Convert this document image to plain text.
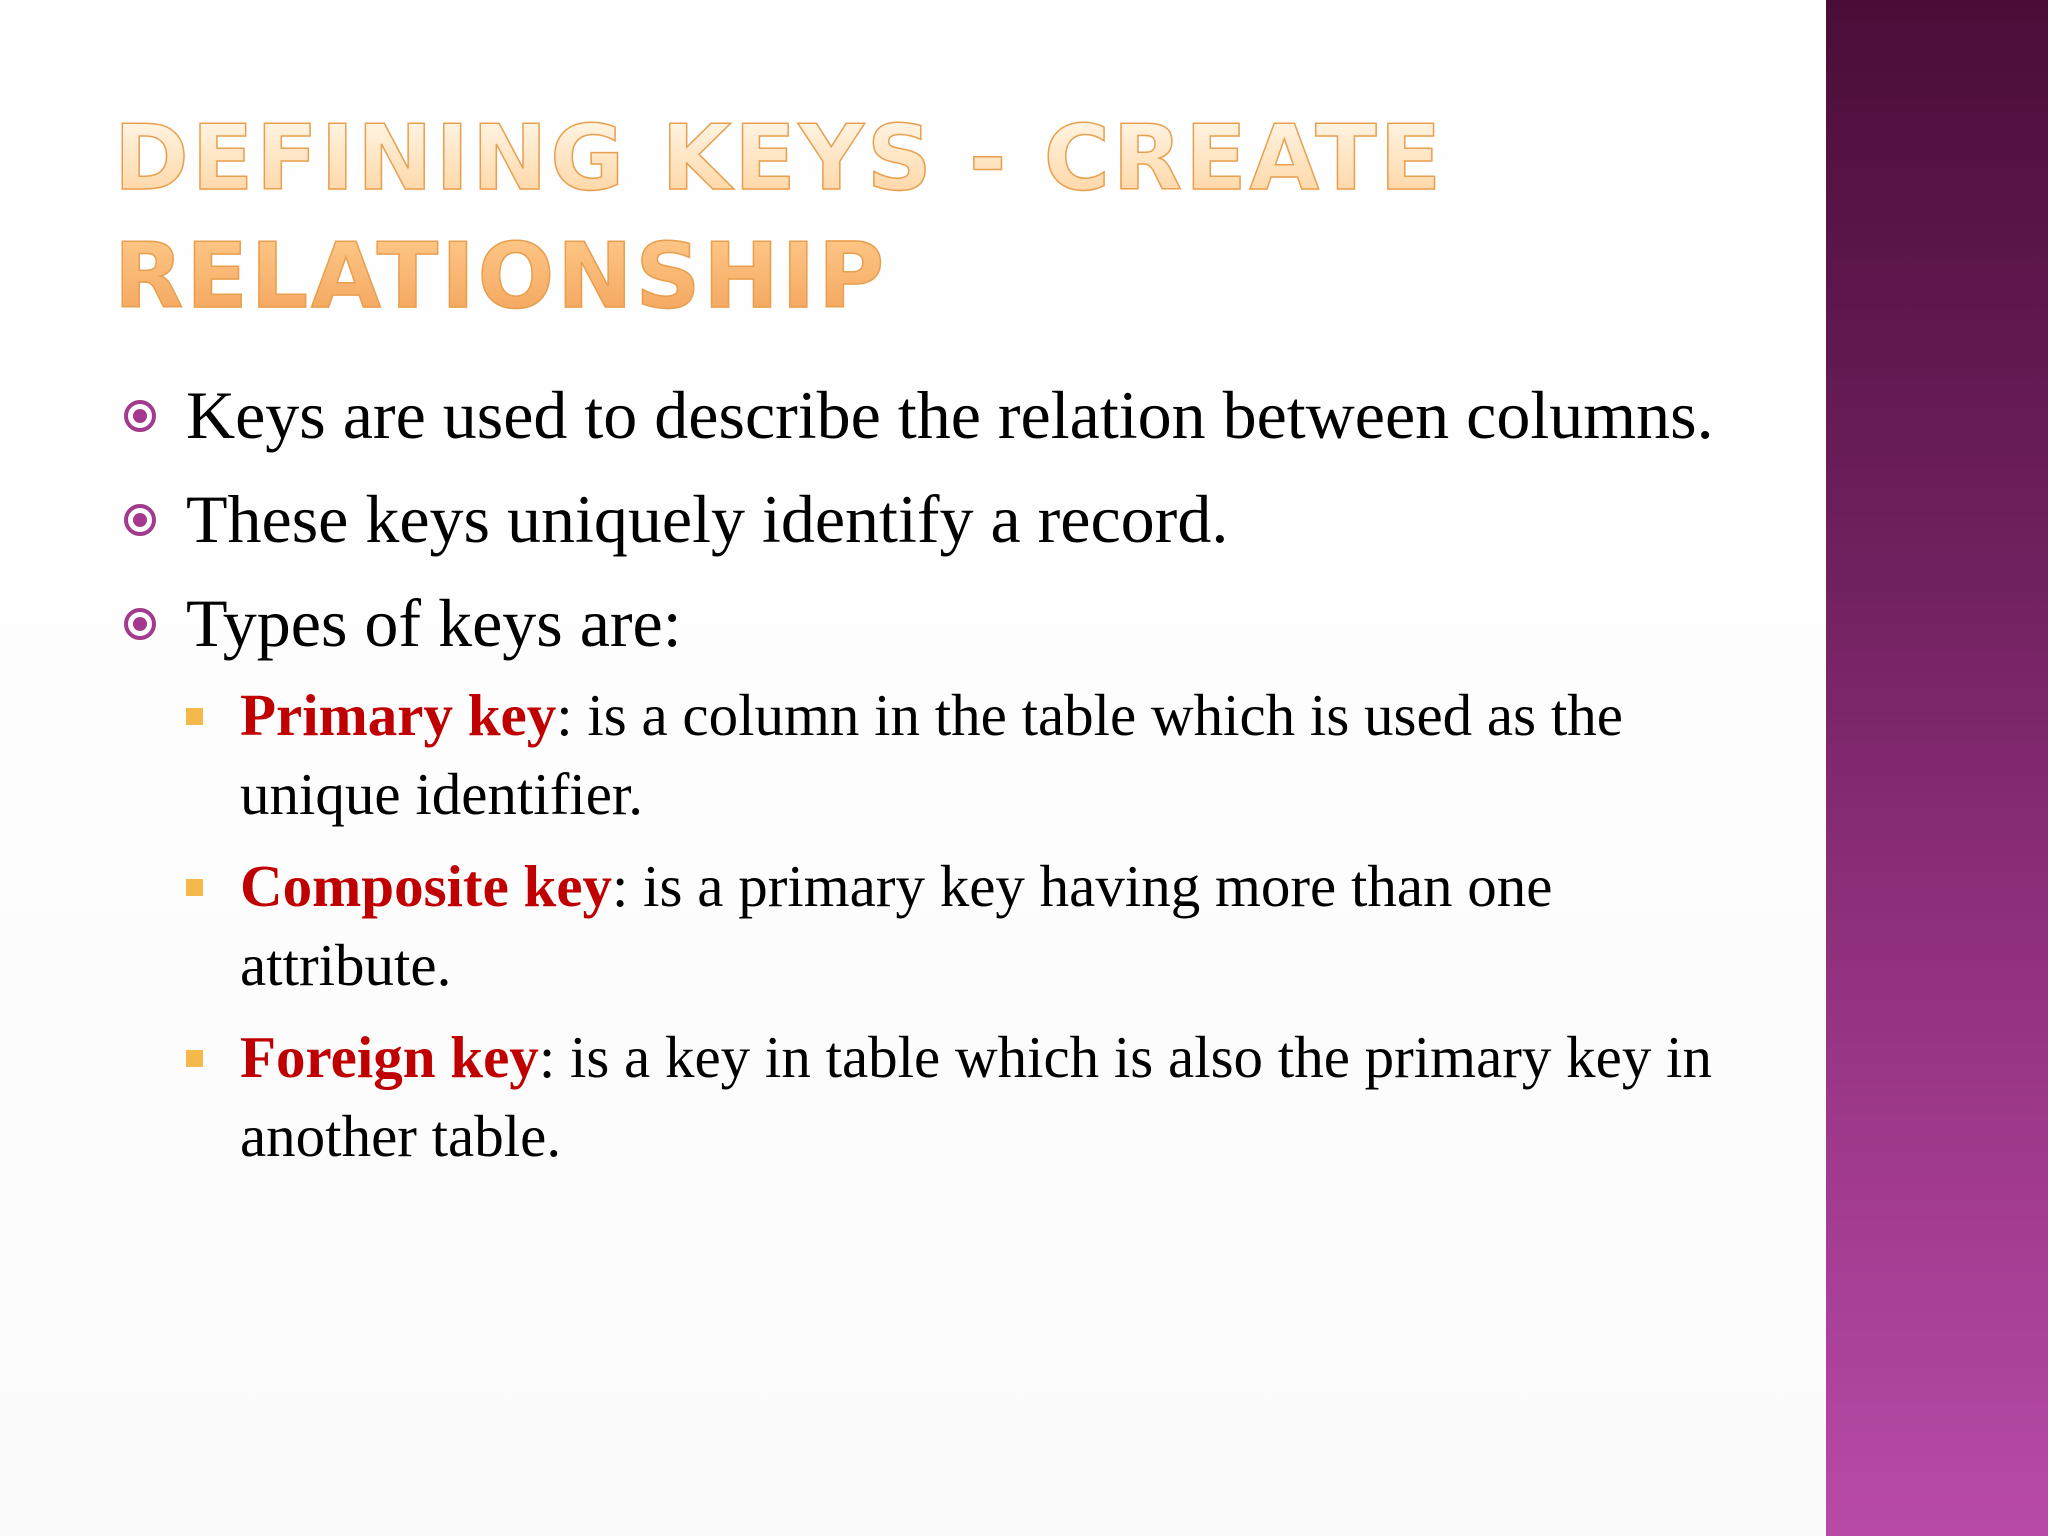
DEFINING KEYS - CREATE RELATIONSHIP
Keys are used to describe the relation between columns.
These keys uniquely identify a record.
Types of keys are:
Primary key: is a column in the table which is used as the unique identifier.
Composite key: is a primary key having more than one attribute.
Foreign key: is a key in table which is also the primary key in another table.
